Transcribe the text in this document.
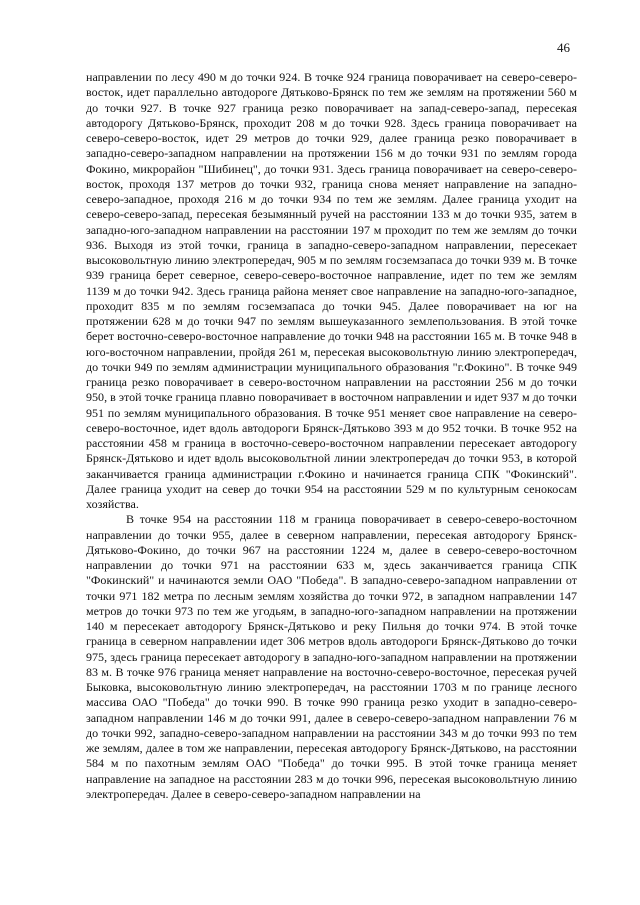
46

направлении по лесу 490 м до точки 924. В точке 924 граница поворачивает на северо-северо-восток, идет параллельно автодороге Дятьково-Брянск по тем же землям на протяжении 560 м до точки 927. В точке 927 граница резко поворачивает на запад-северо-запад, пересекая автодорогу Дятьково-Брянск, проходит 208 м до точки 928. Здесь граница поворачивает на северо-северо-восток, идет 29 метров до точки 929, далее граница резко поворачивает в западно-северо-западном направлении на протяжении 156 м до точки 931 по землям города Фокино, микрорайон "Шибинец", до точки 931. Здесь граница поворачивает на северо-северо-восток, проходя 137 метров до точки 932, граница снова меняет направление на западно-северо-западное, проходя 216 м до точки 934 по тем же землям. Далее граница уходит на северо-северо-запад, пересекая безымянный ручей на расстоянии 133 м до точки 935, затем в западно-юго-западном направлении на расстоянии 197 м проходит по тем же землям до точки 936. Выходя из этой точки, граница в западно-северо-западном направлении, пересекает высоковольтную линию электропередач, 905 м по землям госземзапаса до точки 939 м. В точке 939 граница берет северное, северо-северо-восточное направление, идет по тем же землям 1139 м до точки 942. Здесь граница района меняет свое направление на западно-юго-западное, проходит 835 м по землям госземзапаса до точки 945. Далее поворачивает на юг на протяжении 628 м до точки 947 по землям вышеуказанного землепользования. В этой точке берет восточно-северо-восточное направление до точки 948 на расстоянии 165 м. В точке 948 в юго-восточном направлении, пройдя 261 м, пересекая высоковольтную линию электропередач, до точки 949 по землям администрации муниципального образования "г.Фокино". В точке 949 граница резко поворачивает в северо-восточном направлении на расстоянии 256 м до точки 950, в этой точке граница плавно поворачивает в восточном направлении и идет 937 м до точки 951 по землям муниципального образования. В точке 951 меняет свое направление на северо-северо-восточное, идет вдоль автодороги Брянск-Дятьково 393 м до 952 точки. В точке 952 на расстоянии 458 м граница в восточно-северо-восточном направлении пересекает автодорогу Брянск-Дятьково и идет вдоль высоковольтной линии электропередач до точки 953, в которой заканчивается граница администрации г.Фокино и начинается граница СПК "Фокинский". Далее граница уходит на север до точки 954 на расстоянии 529 м по культурным сенокосам хозяйства.

В точке 954 на расстоянии 118 м граница поворачивает в северо-северо-восточном направлении до точки 955, далее в северном направлении, пересекая автодорогу Брянск-Дятьково-Фокино, до точки 967 на расстоянии 1224 м, далее в северо-северо-восточном направлении до точки 971 на расстоянии 633 м, здесь заканчивается граница СПК "Фокинский" и начинаются земли ОАО "Победа". В западно-северо-западном направлении от точки 971 182 метра по лесным землям хозяйства до точки 972, в западном направлении 147 метров до точки 973 по тем же угодьям, в западно-юго-западном направлении на протяжении 140 м пересекает автодорогу Брянск-Дятьково и реку Пильня до точки 974. В этой точке граница в северном направлении идет 306 метров вдоль автодороги Брянск-Дятьково до точки 975, здесь граница пересекает автодорогу в западно-юго-западном направлении на протяжении 83 м. В точке 976 граница меняет направление на восточно-северо-восточное, пересекая ручей Быковка, высоковольтную линию электропередач, на расстоянии 1703 м по границе лесного массива ОАО "Победа" до точки 990. В точке 990 граница резко уходит в западно-северо-западном направлении 146 м до точки 991, далее в северо-северо-западном направлении 76 м до точки 992, западно-северо-западном направлении на расстоянии 343 м до точки 993 по тем же землям, далее в том же направлении, пересекая автодорогу Брянск-Дятьково, на расстоянии 584 м по пахотным землям ОАО "Победа" до точки 995. В этой точке граница меняет направление на западное на расстоянии 283 м до точки 996, пересекая высоковольтную линию электропередач. Далее в северо-северо-западном направлении на
